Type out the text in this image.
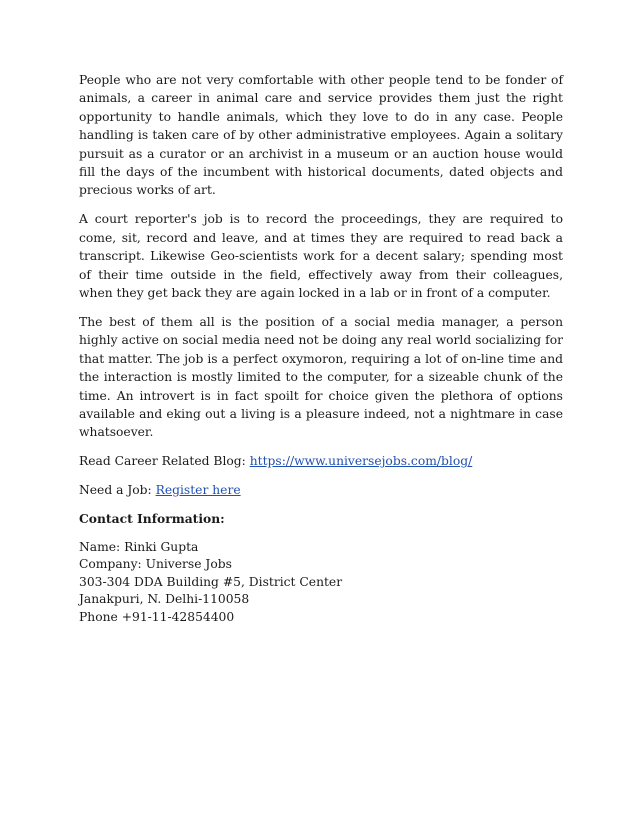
People who are not very comfortable with other people tend to be fonder of animals, a career in animal care and service provides them just the right opportunity to handle animals, which they love to do in any case. People handling is taken care of by other administrative employees. Again a solitary pursuit as a curator or an archivist in a museum or an auction house would fill the days of the incumbent with historical documents, dated objects and precious works of art.

A court reporter's job is to record the proceedings, they are required to come, sit, record and leave, and at times they are required to read back a transcript. Likewise Geo-scientists work for a decent salary; spending most of their time outside in the field, effectively away from their colleagues, when they get back they are again locked in a lab or in front of a computer.

The best of them all is the position of a social media manager, a person highly active on social media need not be doing any real world socializing for that matter. The job is a perfect oxymoron, requiring a lot of on-line time and the interaction is mostly limited to the computer, for a sizeable chunk of the time. An introvert is in fact spoilt for choice given the plethora of options available and eking out a living is a pleasure indeed, not a nightmare in case whatsoever.

Read Career Related Blog: https://www.universejobs.com/blog/

Need a Job: Register here

Contact Information:

Name: Rinki Gupta
Company: Universe Jobs
303-304 DDA Building #5, District Center
Janakpuri, N. Delhi-110058
Phone +91-11-42854400
